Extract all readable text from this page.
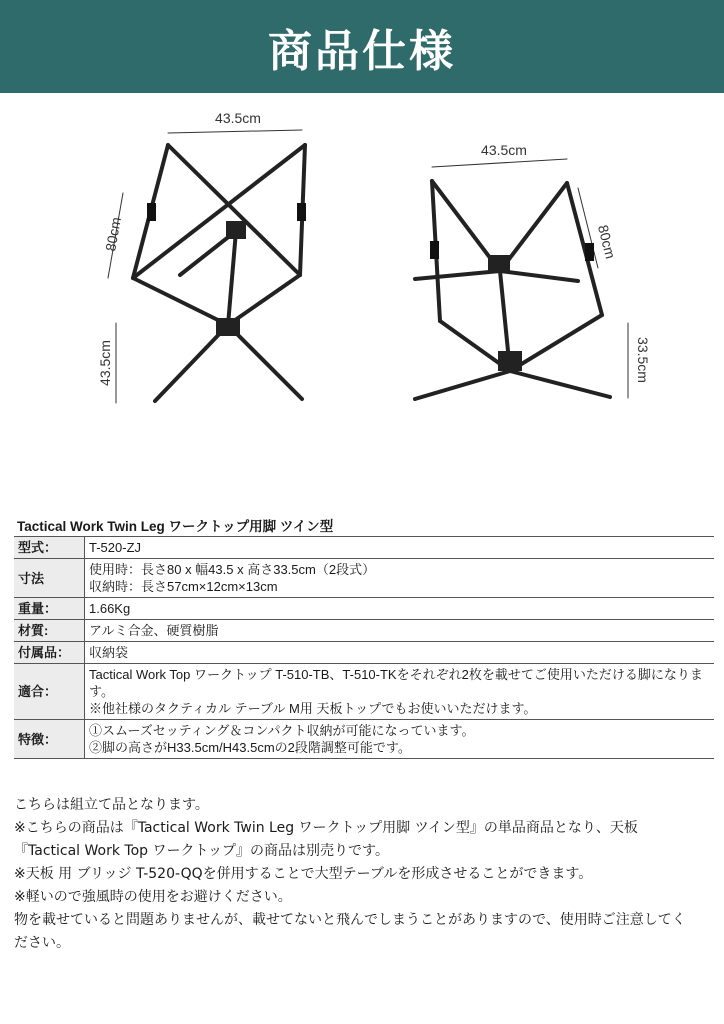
商品仕様
43.5cm
80cm
43.5cm
43.5cm
80cm
33.5cm
Tactical Work Twin Leg ワークトップ用脚 ツイン型
型式：	T-520-ZJ

寸法	使用時：長さ80 x 幅43.5 x 高さ33.5cm（2段式）
収納時：長さ57cm×12cm×13cm

重量：	1.66Kg

材質:	アルミ合金、硬質樹脂

付属品：	収納袋

適合：	Tactical Work Top ワークトップ T-510-TB、T-510-TKをそれぞれ2枚を載せてご使用いただける脚になります。
※他社様のタクティカル テーブル M用 天板トップでもお使いいただけます。

特徴：	①スムーズセッティング＆コンパクト収納が可能になっています。
②脚の高さがH33.5cm/H43.5cmの2段階調整可能です。
こちらは組立て品となります。
※こちらの商品は『Tactical Work Twin Leg ワークトップ用脚 ツイン型』の単品商品となり、天板『Tactical Work Top ワークトップ』の商品は別売りです。
※天板 用 ブリッジ T-520-QQを併用することで大型テーブルを形成させることができます。
※軽いので強風時の使用をお避けください。
物を載せていると問題ありませんが、載せてないと飛んでしまうことがありますので、使用時ご注意してください。
